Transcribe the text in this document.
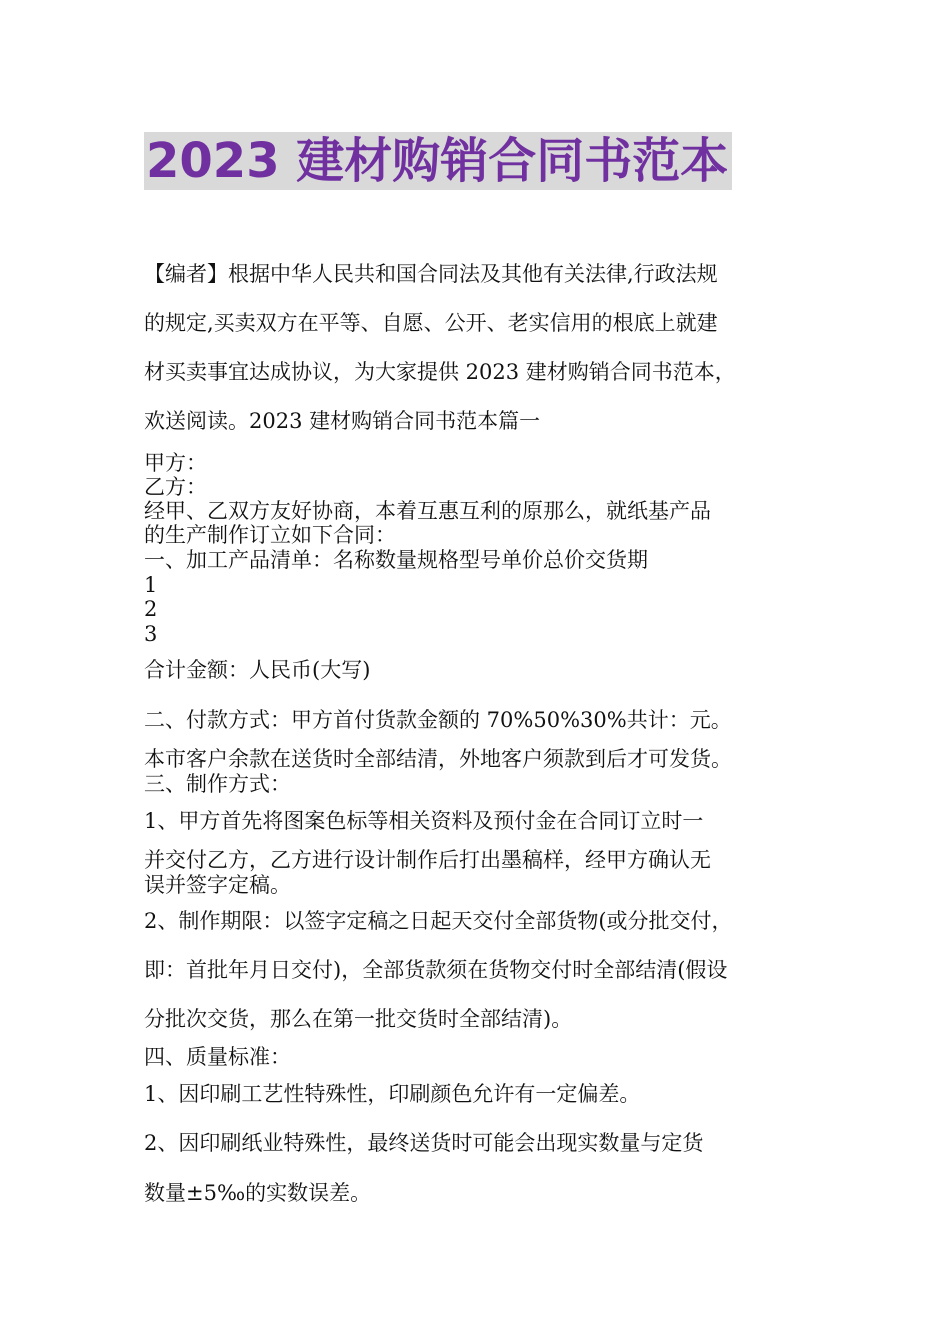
2023 建材购销合同书范本
【编者】根据中华人民共和国合同法及其他有关法律,行政法规
的规定,买卖双方在平等、自愿、公开、老实信用的根底上就建
材买卖事宜达成协议，为大家提供 2023 建材购销合同书范本，
欢送阅读。2023 建材购销合同书范本篇一
甲方：
乙方：
经甲、乙双方友好协商，本着互惠互利的原那么，就纸基产品
的生产制作订立如下合同：
一、加工产品清单：名称数量规格型号单价总价交货期
1
2
3
合计金额：人民币(大写)
二、付款方式：甲方首付货款金额的 70%50%30%共计：元。
本市客户余款在送货时全部结清，外地客户须款到后才可发货。
三、制作方式：
1、甲方首先将图案色标等相关资料及预付金在合同订立时一
并交付乙方，乙方进行设计制作后打出墨稿样，经甲方确认无
误并签字定稿。
2、制作期限：以签字定稿之日起天交付全部货物(或分批交付，
即：首批年月日交付)，全部货款须在货物交付时全部结清(假设
分批次交货，那么在第一批交货时全部结清)。
四、质量标准：
1、因印刷工艺性特殊性，印刷颜色允许有一定偏差。
2、因印刷纸业特殊性，最终送货时可能会出现实数量与定货
数量±5‰的实数误差。
